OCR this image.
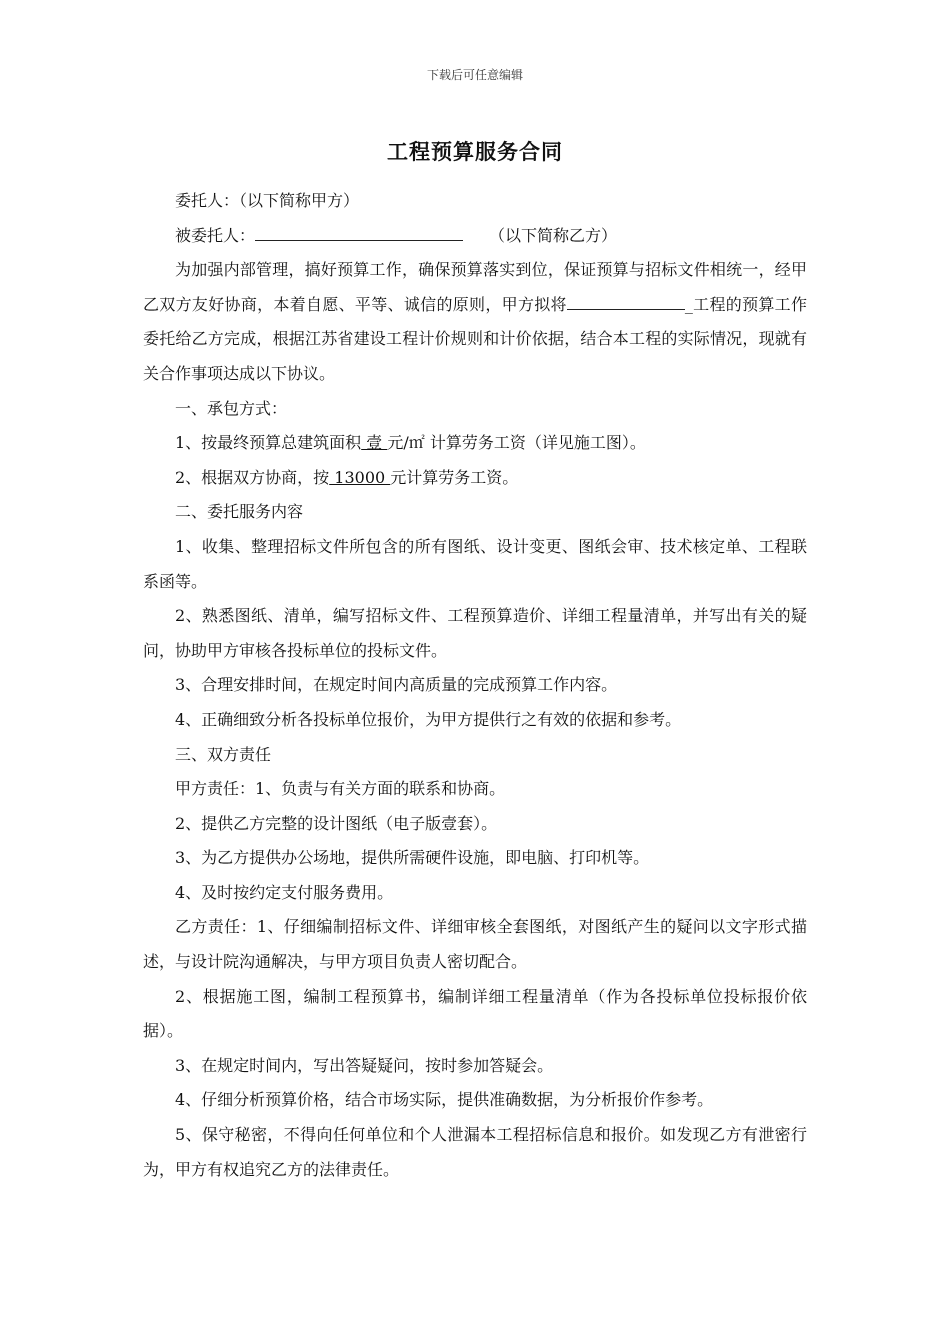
下载后可任意编辑
工程预算服务合同

委托人：（以下简称甲方）

被委托人：	（以下简称乙方）

为加强内部管理，搞好预算工作，确保预算落实到位，保证预算与招标文件相统一，经甲乙双方友好协商，本着自愿、平等、诚信的原则，甲方拟将	_工程的预算工作委托给乙方完成，根据江苏省建设工程计价规则和计价依据，结合本工程的实际情况，现就有关合作事项达成以下协议。

一、承包方式：

1、按最终预算总建筑面积 壹 元/㎡ 计算劳务工资（详见施工图）。

2、根据双方协商，按 13000 元计算劳务工资。

二、委托服务内容

1、收集、整理招标文件所包含的所有图纸、设计变更、图纸会审、技术核定单、工程联系函等。

2、熟悉图纸、清单，编写招标文件、工程预算造价、详细工程量清单，并写出有关的疑问，协助甲方审核各投标单位的投标文件。

3、合理安排时间，在规定时间内高质量的完成预算工作内容。

4、正确细致分析各投标单位报价，为甲方提供行之有效的依据和参考。

三、双方责任

甲方责任：1、负责与有关方面的联系和协商。

2、提供乙方完整的设计图纸（电子版壹套）。

3、为乙方提供办公场地，提供所需硬件设施，即电脑、打印机等。

4、及时按约定支付服务费用。

乙方责任：1、仔细编制招标文件、详细审核全套图纸，对图纸产生的疑问以文字形式描述，与设计院沟通解决，与甲方项目负责人密切配合。

2、根据施工图，编制工程预算书，编制详细工程量清单（作为各投标单位投标报价依据）。

3、在规定时间内，写出答疑疑问，按时参加答疑会。

4、仔细分析预算价格，结合市场实际，提供准确数据，为分析报价作参考。

5、保守秘密，不得向任何单位和个人泄漏本工程招标信息和报价。如发现乙方有泄密行为，甲方有权追究乙方的法律责任。
